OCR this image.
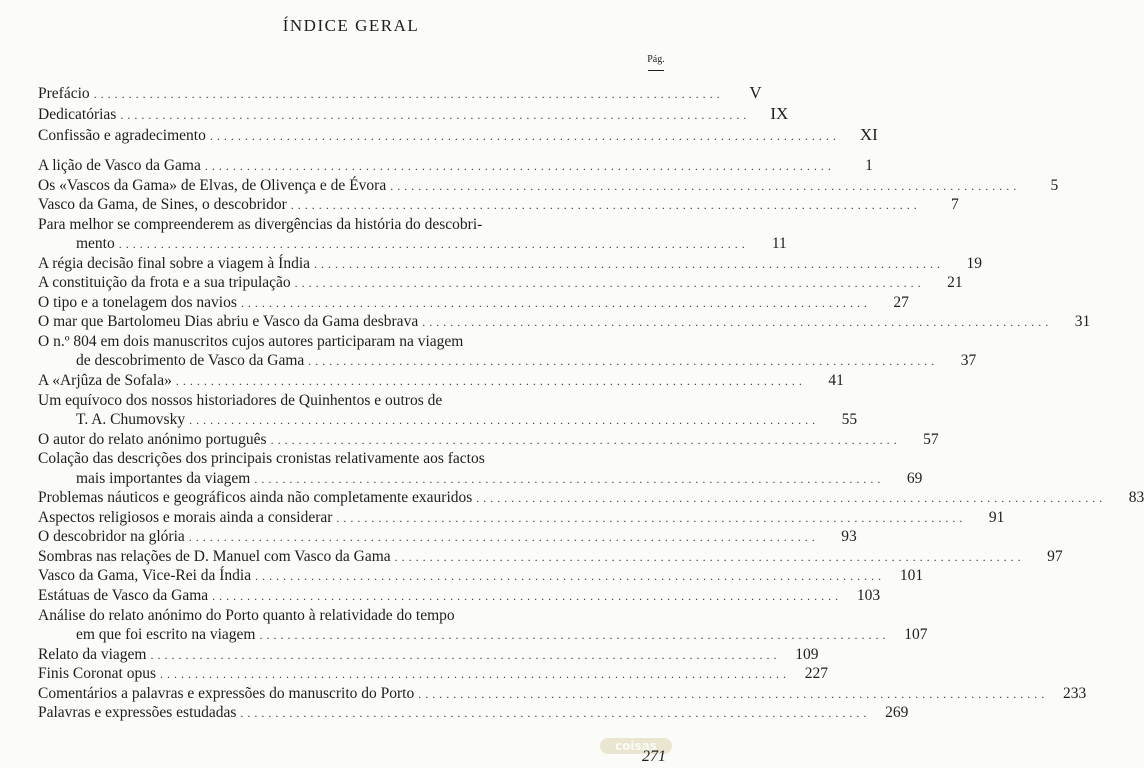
ÍNDICE GERAL
Pág.
Prefácio ..........................................................................................	V
Dedicatórias ..........................................................................................	IX
Confissão e agradecimento ..........................................................................................	XI
A lição de Vasco da Gama ..........................................................................................	1
Os «Vascos da Gama» de Elvas, de Olivença e de Évora ..........................................................................................	5
Vasco da Gama, de Sines, o descobridor ..........................................................................................	7
Para melhor se compreenderem as divergências da história do descobri-
mento ..........................................................................................	11
A régia decisão final sobre a viagem à Índia ..........................................................................................	19
A constituição da frota e a sua tripulação ..........................................................................................	21
O tipo e a tonelagem dos navios ..........................................................................................	27
O mar que Bartolomeu Dias abriu e Vasco da Gama desbrava ..........................................................................................	31
O n.º 804 em dois manuscritos cujos autores participaram na viagem
de descobrimento de Vasco da Gama ..........................................................................................	37
A «Arjûza de Sofala» ..........................................................................................	41
Um equívoco dos nossos historiadores de Quinhentos e outros de
T. A. Chumovsky ..........................................................................................	55
O autor do relato anónimo português ..........................................................................................	57
Colação das descrições dos principais cronistas relativamente aos factos
mais importantes da viagem ..........................................................................................	69
Problemas náuticos e geográficos ainda não completamente exauridos ..........................................................................................	83
Aspectos religiosos e morais ainda a considerar ..........................................................................................	91
O descobridor na glória ..........................................................................................	93
Sombras nas relações de D. Manuel com Vasco da Gama ..........................................................................................	97
Vasco da Gama, Vice-Rei da Índia .......................................................................................... 101
Estátuas de Vasco da Gama .......................................................................................... 103
Análise do relato anónimo do Porto quanto à relatividade do tempo
em que foi escrito na viagem .......................................................................................... 107
Relato da viagem .......................................................................................... 109
Finis Coronat opus .......................................................................................... 227
Comentários a palavras e expressões do manuscrito do Porto .......................................................................................... 233
Palavras e expressões estudadas .......................................................................................... 269
coisas
271
